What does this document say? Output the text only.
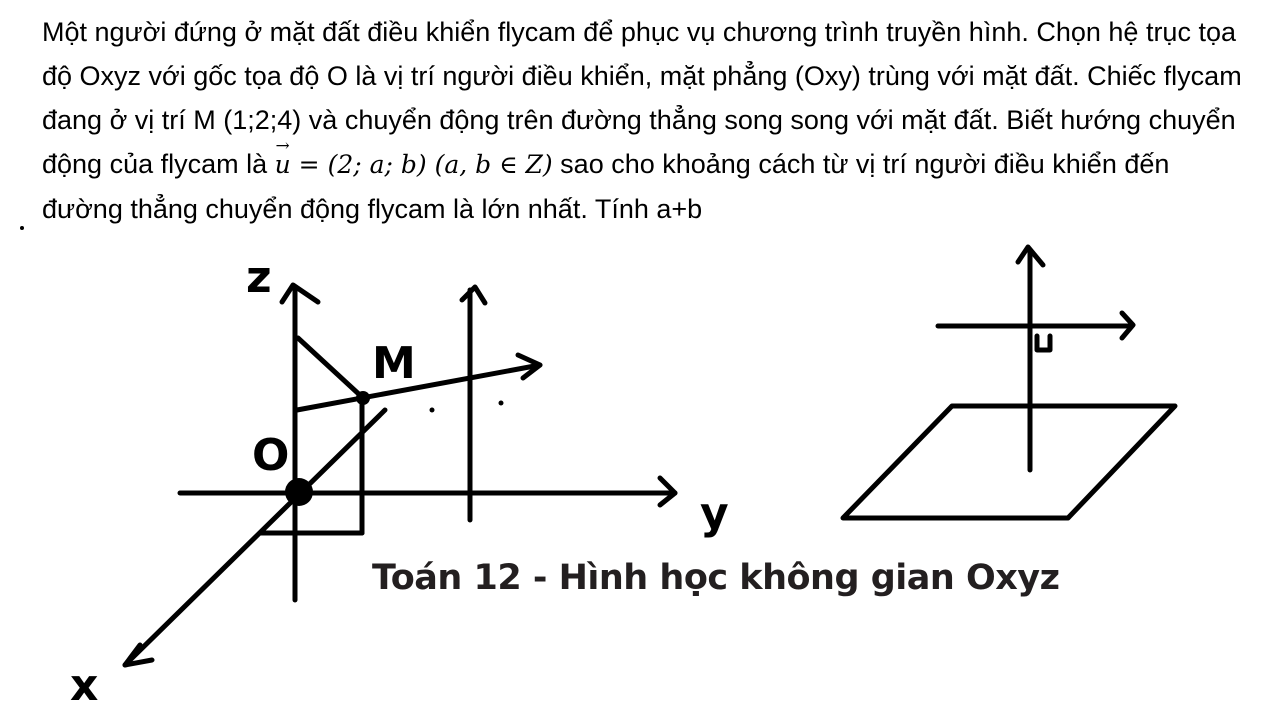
Một người đứng ở mặt đất điều khiển flycam để phục vụ chương trình truyền hình. Chọn hệ trục tọa độ Oxyz với gốc tọa độ O là vị trí người điều khiển, mặt phẳng (Oxy) trùng với mặt đất. Chiếc flycam đang ở vị trí M (1;2;4) và chuyển động trên đường thẳng song song với mặt đất. Biết hướng chuyển động của flycam là → u = (2; a; b) (a, b ∈ Z) sao cho khoảng cách từ vị trí người điều khiển đến đường thẳng chuyển động flycam là lớn nhất. Tính a+b

z
y
x
O
M

Toán 12 - Hình học không gian Oxyz
